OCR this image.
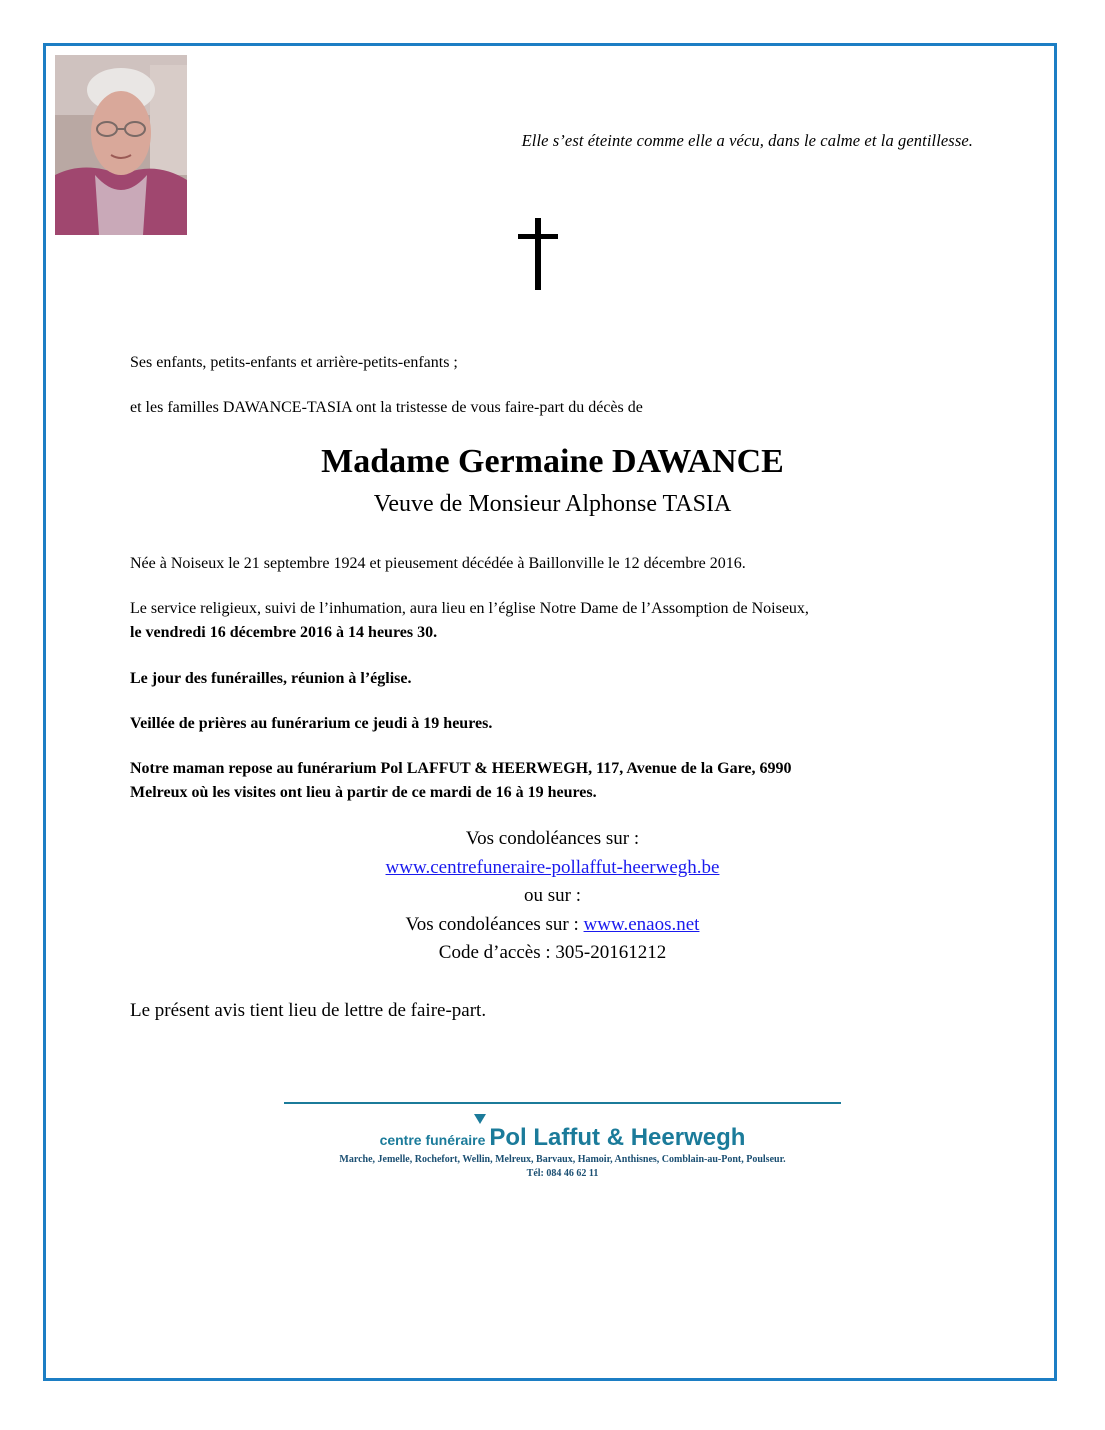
Elle s’est éteinte comme elle a vécu, dans le calme et la gentillesse.
Ses enfants, petits-enfants et arrière-petits-enfants ;
et les familles DAWANCE-TASIA ont la tristesse de vous faire-part du décès de
Madame Germaine DAWANCE
Veuve de Monsieur Alphonse TASIA
Née à Noiseux le 21 septembre 1924 et pieusement décédée à Baillonville le 12 décembre 2016.
Le service religieux, suivi de l’inhumation, aura lieu en l’église Notre Dame de l’Assomption de Noiseux,
le vendredi 16 décembre 2016 à 14 heures 30.
Le jour des funérailles, réunion à l’église.
Veillée de prières au funérarium ce jeudi à 19 heures.
Notre maman repose au funérarium Pol LAFFUT & HEERWEGH, 117, Avenue de la Gare, 6990
Melreux où les visites ont lieu à partir de ce mardi de 16 à 19 heures.
Vos condoléances sur :
www.centrefuneraire-pollaffut-heerwegh.be
ou sur :
Vos condoléances sur : www.enaos.net
Code d’accès : 305-20161212
Le présent avis tient lieu de lettre de faire-part.
centre funéraire Pol Laffut & Heerwegh
Marche, Jemelle, Rochefort, Wellin, Melreux, Barvaux, Hamoir, Anthisnes, Comblain-au-Pont, Poulseur.
Tél: 084 46 62 11
